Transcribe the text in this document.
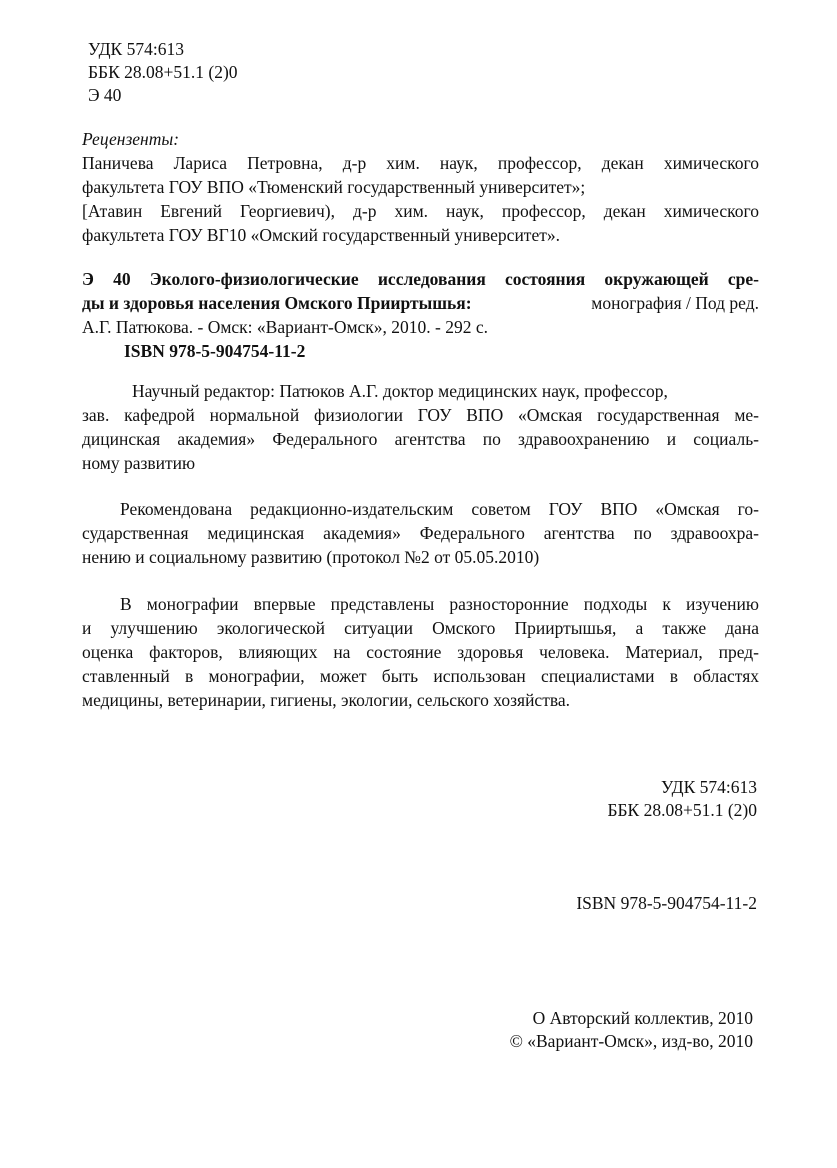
УДК 574:613
ББК 28.08+51.1 (2)0
Э 40
Рецензенты:
Паничева Лариса Петровна, д-р хим. наук, профессор, декан химического
факультета ГОУ ВПО «Тюменский государственный университет»;
[Атавин Евгений Георгиевич), д-р хим. наук, профессор, декан химического
факультета ГОУ ВГ10 «Омский государственный университет».
Э 40 Эколого-физиологические исследования состояния окружающей сре-
ды и здоровья населения Омского Прииртышья:	монография / Под ред.
А.Г. Патюкова. - Омск: «Вариант-Омск», 2010. - 292 с.
ISBN 978-5-904754-11-2
Научный редактор: Патюков А.Г. доктор медицинских наук, профессор,
зав. кафедрой нормальной физиологии ГОУ ВПО «Омская государственная ме-
дицинская академия» Федерального агентства по здравоохранению и социаль-
ному развитию
Рекомендована редакционно-издательским советом ГОУ ВПО «Омская го-
сударственная медицинская академия» Федерального агентства по здравоохра-
нению и социальному развитию (протокол №2 от 05.05.2010)
В монографии впервые представлены разносторонние подходы к изучению
и улучшению экологической ситуации Омского Прииртышья, а также дана
оценка факторов, влияющих на состояние здоровья человека. Материал, пред-
ставленный в монографии, может быть использован специалистами в областях
медицины, ветеринарии, гигиены, экологии, сельского хозяйства.
УДК 574:613
ББК 28.08+51.1 (2)0
ISBN 978-5-904754-11-2
О Авторский коллектив, 2010
© «Вариант-Омск», изд-во, 2010
